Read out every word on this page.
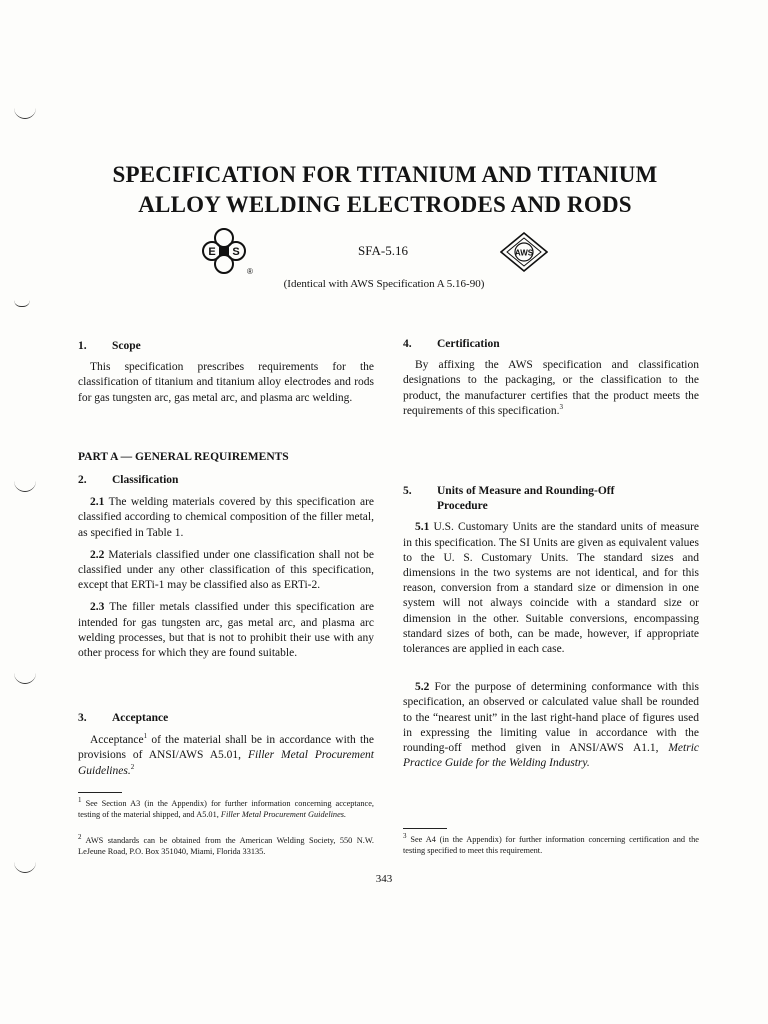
SPECIFICATION FOR TITANIUM AND TITANIUM
ALLOY WELDING ELECTRODES AND RODS
E S
®
SFA-5.16	AWS
(Identical with AWS Specification A 5.16-90)
1.	Scope

This specification prescribes requirements for the classification of titanium and titanium alloy electrodes and rods for gas tungsten arc, gas metal arc, and plasma arc welding.

PART A — GENERAL REQUIREMENTS
2.	Classification

2.1 The welding materials covered by this specification are classified according to chemical composition of the filler metal, as specified in Table 1.

2.2 Materials classified under one classification shall not be classified under any other classification of this specification, except that ERTi-1 may be classified also as ERTi-2.

2.3 The filler metals classified under this specification are intended for gas tungsten arc, gas metal arc, and plasma arc welding processes, but that is not to prohibit their use with any other process for which they are found suitable.

3.	Acceptance

Acceptance$^1$ of the material shall be in accordance with the provisions of ANSI/AWS A5.01, Filler Metal Procurement Guidelines.$^2$

$^1$ See Section A3 (in the Appendix) for further information concerning acceptance, testing of the material shipped, and A5.01, Filler Metal Procurement Guidelines.
$^2$ AWS standards can be obtained from the American Welding Society, 550 N.W. LeJeune Road, P.O. Box 351040, Miami, Florida 33135.
4.	Certification

By affixing the AWS specification and classification designations to the packaging, or the classification to the product, the manufacturer certifies that the product meets the requirements of this specification.$^3$

5.	Units of Measure and Rounding-Off Procedure

5.1 U.S. Customary Units are the standard units of measure in this specification. The SI Units are given as equivalent values to the U. S. Customary Units. The standard sizes and dimensions in the two systems are not identical, and for this reason, conversion from a standard size or dimension in one system will not always coincide with a standard size or dimension in the other. Suitable conversions, encompassing standard sizes of both, can be made, however, if appropriate tolerances are applied in each case.

5.2 For the purpose of determining conformance with this specification, an observed or calculated value shall be rounded to the “nearest unit” in the last right-hand place of figures used in expressing the limiting value in accordance with the rounding-off method given in ANSI/AWS A1.1, Metric Practice Guide for the Welding Industry.

$^3$ See A4 (in the Appendix) for further information concerning certification and the testing specified to meet this requirement.
343
